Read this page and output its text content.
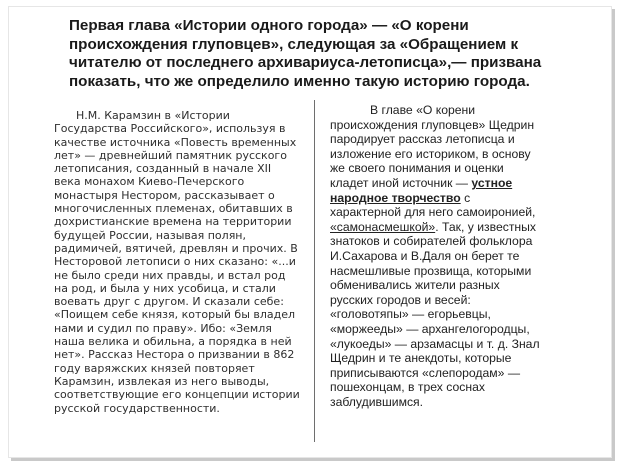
Первая глава «Истории одного города» — «О корени
происхождения глуповцев», следующая за «Обращением к
читателю от последнего архивариуса-летописца»,— призвана
показать, что же определило именно такую историю города.
Н.М. Карамзин в «Истории
Государства Российского», используя в
качестве источника «Повесть временных
лет» — древнейший памятник русского
летописания, созданный в начале XII
века монахом Киево-Печерского
монастыря Нестором, рассказывает о
многочисленных племенах, обитавших в
дохристианские времена на территории
будущей России, называя полян,
радимичей, вятичей, древлян и прочих. В
Несторовой летописи о них сказано: «...и
не было среди них правды, и встал род
на род, и была у них усобица, и стали
воевать друг с другом. И сказали себе:
«Поищем себе князя, который бы владел
нами и судил по праву». Ибо: «Земля
наша велика и обильна, а порядка в ней
нет». Рассказ Нестора о призвании в 862
году варяжских князей повторяет
Карамзин, извлекая из него выводы,
соответствующие его концепции истории
русской государственности.
В главе «О корени
происхождения глуповцев» Щедрин
пародирует рассказ летописца и
изложение его историком, в основу
же своего понимания и оценки
кладет иной источник — устное
народное творчество с
характерной для него самоиронией,
«самонасмешкой». Так, у известных
знатоков и собирателей фольклора
И.Сахарова и В.Даля он берет те
насмешливые прозвища, которыми
обменивались жители разных
русских городов и весей:
«головотяпы» — егорьевцы,
«моржееды» — архангелогородцы,
«лукоеды» — арзамасцы и т. д. Знал
Щедрин и те анекдоты, которые
приписываются «слепородам» —
пошехонцам, в трех соснах
заблудившимся.
